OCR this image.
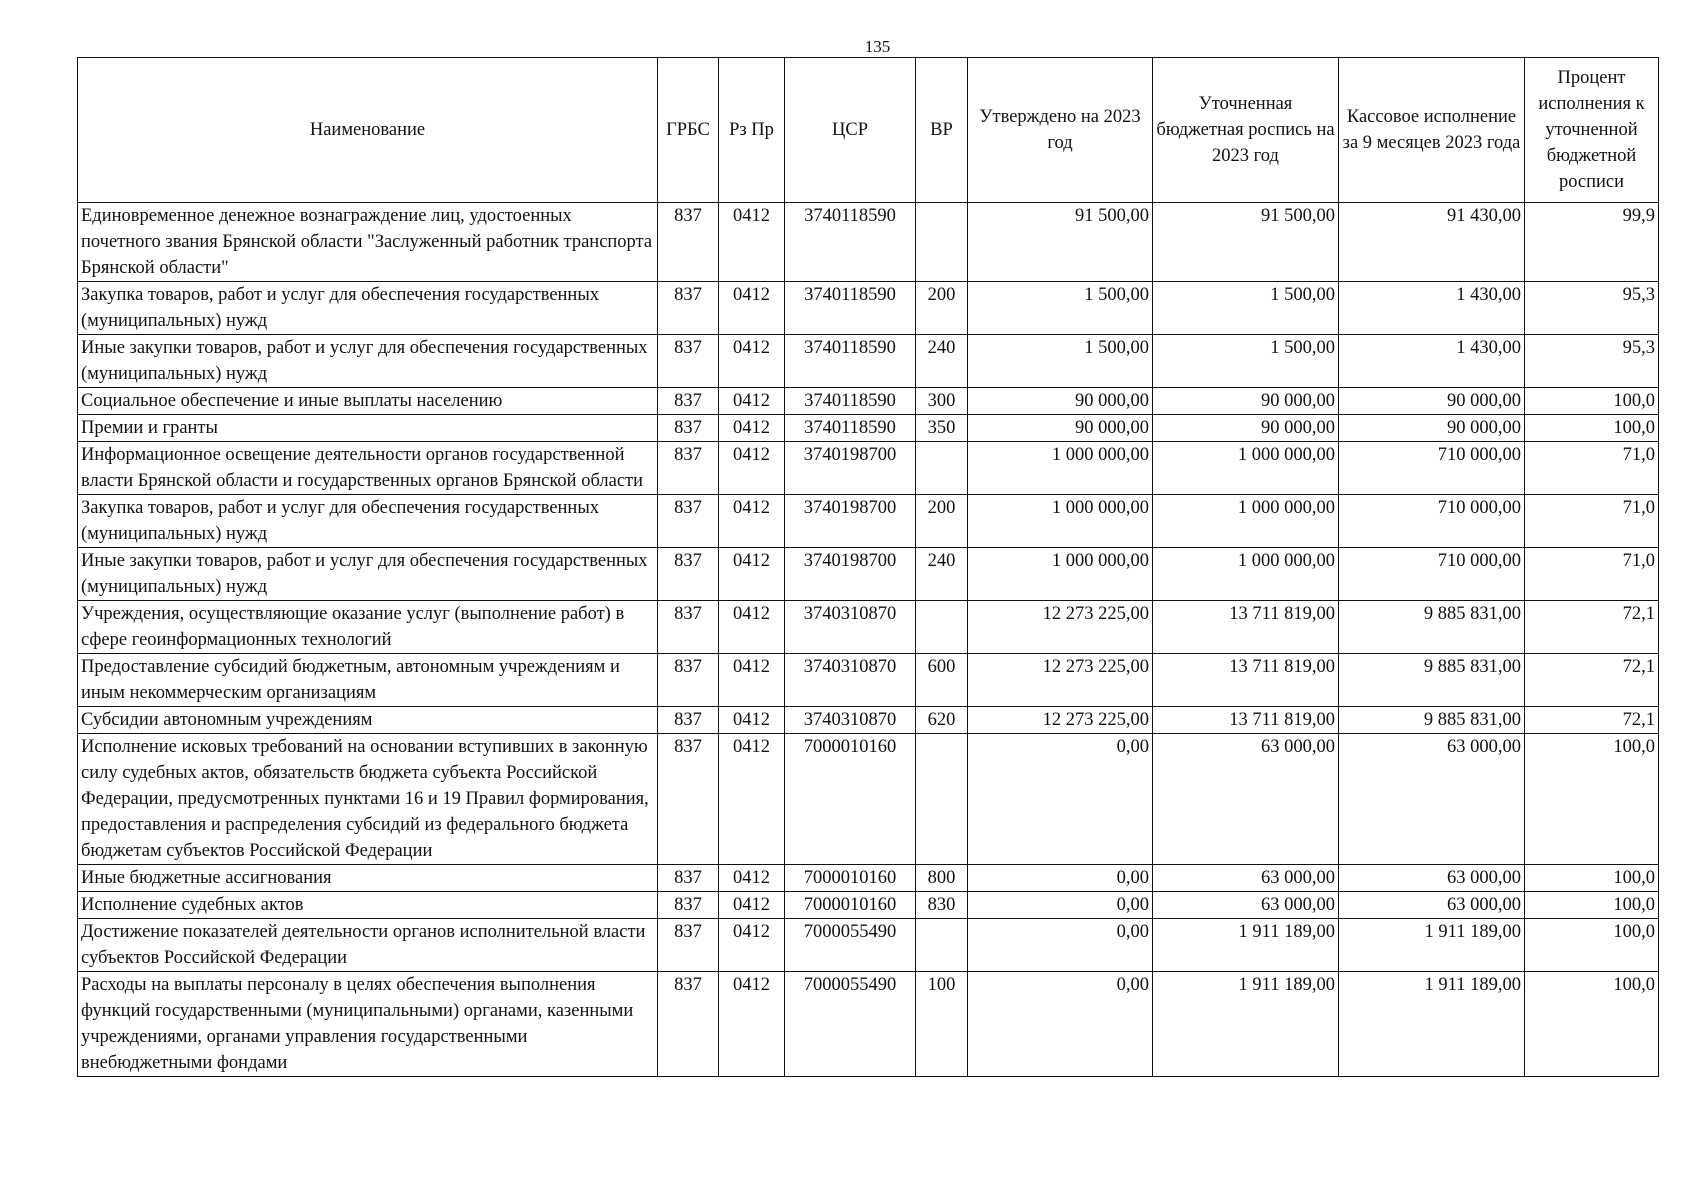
135
Наименование	ГРБС	Рз Пр	ЦСР	ВР	Утверждено на 2023 год	Уточненная бюджетная роспись на 2023 год	Кассовое исполнение за 9 месяцев 2023 года	Процент исполнения к уточненной бюджетной росписи
Единовременное денежное вознаграждение лиц, удостоенных почетного звания Брянской области "Заслуженный работник транспорта Брянской области"	837	0412	3740118590		91 500,00	91 500,00	91 430,00	99,9
Закупка товаров, работ и услуг для обеспечения государственных (муниципальных) нужд	837	0412	3740118590	200	1 500,00	1 500,00	1 430,00	95,3
Иные закупки товаров, работ и услуг для обеспечения государственных (муниципальных) нужд	837	0412	3740118590	240	1 500,00	1 500,00	1 430,00	95,3
Социальное обеспечение и иные выплаты населению	837	0412	3740118590	300	90 000,00	90 000,00	90 000,00	100,0
Премии и гранты	837	0412	3740118590	350	90 000,00	90 000,00	90 000,00	100,0
Информационное освещение деятельности органов государственной власти Брянской области и государственных органов Брянской области	837	0412	3740198700		1 000 000,00	1 000 000,00	710 000,00	71,0
Закупка товаров, работ и услуг для обеспечения государственных (муниципальных) нужд	837	0412	3740198700	200	1 000 000,00	1 000 000,00	710 000,00	71,0
Иные закупки товаров, работ и услуг для обеспечения государственных (муниципальных) нужд	837	0412	3740198700	240	1 000 000,00	1 000 000,00	710 000,00	71,0
Учреждения, осуществляющие оказание услуг (выполнение работ) в сфере геоинформационных технологий	837	0412	3740310870		12 273 225,00	13 711 819,00	9 885 831,00	72,1
Предоставление субсидий бюджетным, автономным учреждениям и иным некоммерческим организациям	837	0412	3740310870	600	12 273 225,00	13 711 819,00	9 885 831,00	72,1
Субсидии автономным учреждениям	837	0412	3740310870	620	12 273 225,00	13 711 819,00	9 885 831,00	72,1
Исполнение исковых требований на основании вступивших в законную силу судебных актов, обязательств бюджета субъекта Российской Федерации, предусмотренных пунктами 16 и 19 Правил формирования, предоставления и распределения субсидий из федерального бюджета бюджетам субъектов Российской Федерации	837	0412	7000010160		0,00	63 000,00	63 000,00	100,0
Иные бюджетные ассигнования	837	0412	7000010160	800	0,00	63 000,00	63 000,00	100,0
Исполнение судебных актов	837	0412	7000010160	830	0,00	63 000,00	63 000,00	100,0
Достижение показателей деятельности органов исполнительной власти субъектов Российской Федерации	837	0412	7000055490		0,00	1 911 189,00	1 911 189,00	100,0
Расходы на выплаты персоналу в целях обеспечения выполнения функций государственными (муниципальными) органами, казенными учреждениями, органами управления государственными внебюджетными фондами	837	0412	7000055490	100	0,00	1 911 189,00	1 911 189,00	100,0
